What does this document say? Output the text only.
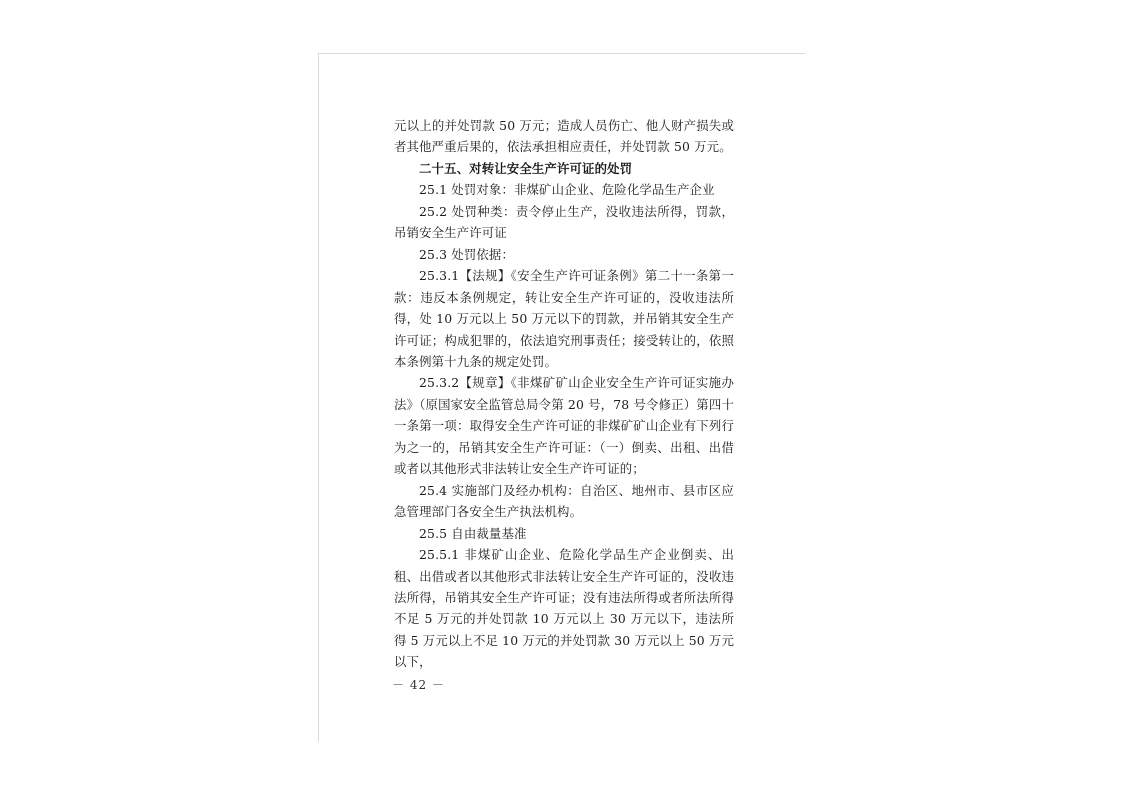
元以上的并处罚款 50 万元；造成人员伤亡、他人财产损失或者其他严重后果的，依法承担相应责任，并处罚款 50 万元。

二十五、对转让安全生产许可证的处罚

25.1 处罚对象：非煤矿山企业、危险化学品生产企业

25.2 处罚种类：责令停止生产，没收违法所得，罚款，吊销安全生产许可证

25.3 处罚依据：

25.3.1【法规】《安全生产许可证条例》第二十一条第一款：违反本条例规定，转让安全生产许可证的，没收违法所得，处 10 万元以上 50 万元以下的罚款，并吊销其安全生产许可证；构成犯罪的，依法追究刑事责任；接受转让的，依照本条例第十九条的规定处罚。

25.3.2【规章】《非煤矿矿山企业安全生产许可证实施办法》（原国家安全监管总局令第 20 号，78 号令修正）第四十一条第一项：取得安全生产许可证的非煤矿矿山企业有下列行为之一的，吊销其安全生产许可证：（一）倒卖、出租、出借或者以其他形式非法转让安全生产许可证的；

25.4 实施部门及经办机构：自治区、地州市、县市区应急管理部门各安全生产执法机构。

25.5 自由裁量基准

25.5.1 非煤矿山企业、危险化学品生产企业倒卖、出租、出借或者以其他形式非法转让安全生产许可证的，没收违法所得，吊销其安全生产许可证；没有违法所得或者所法所得不足 5 万元的并处罚款 10 万元以上 30 万元以下，违法所得 5 万元以上不足 10 万元的并处罚款 30 万元以上 50 万元以下，

－ 42 －
